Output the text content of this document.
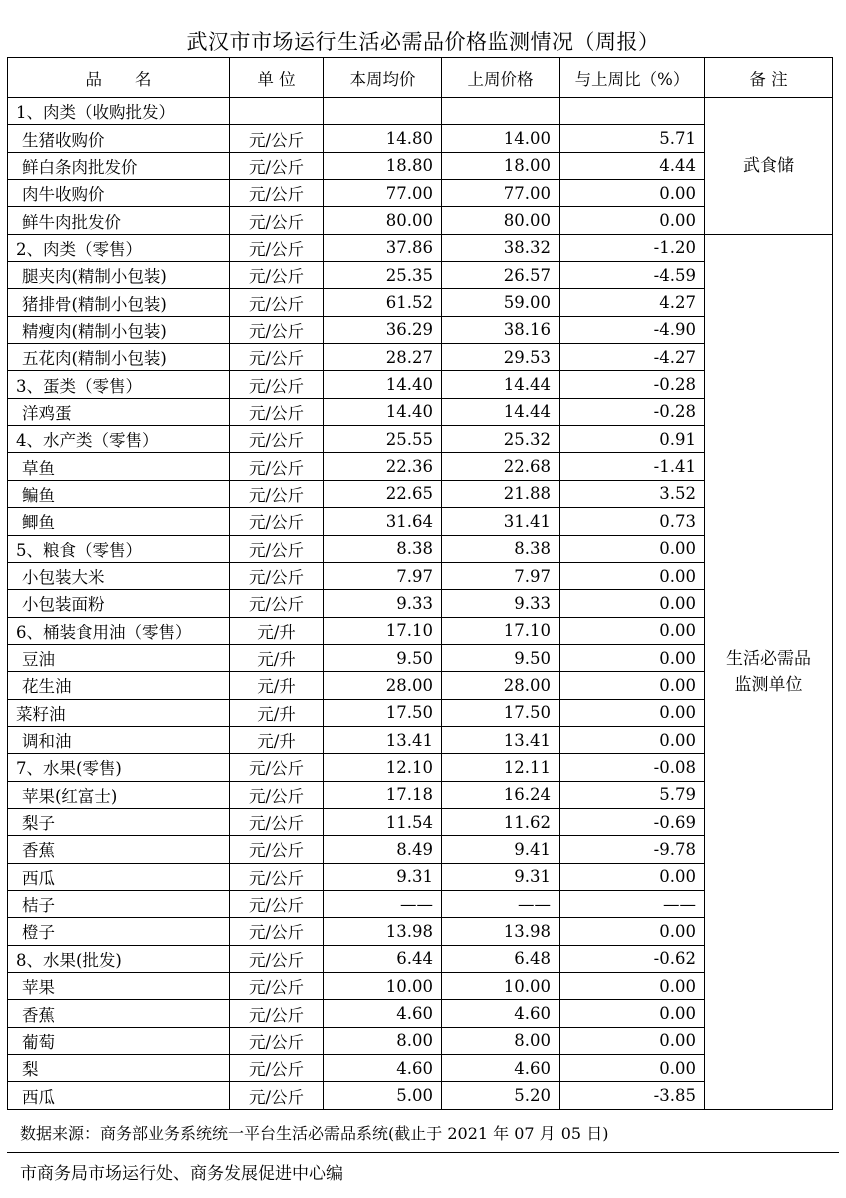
武汉市市场运行生活必需品价格监测情况（周报）
品　　名	单 位	本周均价	上周价格	与上周比（%）	备 注
1、肉类（收购批发）					武食储
生猪收购价	元/公斤	14.80	14.00	5.71	
鲜白条肉批发价	元/公斤	18.80	18.00	4.44	
肉牛收购价	元/公斤	77.00	77.00	0.00	
鲜牛肉批发价	元/公斤	80.00	80.00	0.00	
2、肉类（零售）	元/公斤	37.86	38.32	-1.20	生活必需品
监测单位

腿夹肉(精制小包装)	元/公斤	25.35	26.57	-4.59	
猪排骨(精制小包装)	元/公斤	61.52	59.00	4.27	
精瘦肉(精制小包装)	元/公斤	36.29	38.16	-4.90	
五花肉(精制小包装)	元/公斤	28.27	29.53	-4.27	
3、蛋类（零售）	元/公斤	14.40	14.44	-0.28	
洋鸡蛋	元/公斤	14.40	14.44	-0.28	
4、水产类（零售）	元/公斤	25.55	25.32	0.91	
草鱼	元/公斤	22.36	22.68	-1.41	
鳊鱼	元/公斤	22.65	21.88	3.52	
鲫鱼	元/公斤	31.64	31.41	0.73	
5、粮食（零售）	元/公斤	8.38	8.38	0.00	
小包装大米	元/公斤	7.97	7.97	0.00	
小包装面粉	元/公斤	9.33	9.33	0.00	
6、桶装食用油（零售）	元/升	17.10	17.10	0.00	
豆油	元/升	9.50	9.50	0.00	
花生油	元/升	28.00	28.00	0.00	
菜籽油	元/升	17.50	17.50	0.00	
调和油	元/升	13.41	13.41	0.00	
7、水果(零售)	元/公斤	12.10	12.11	-0.08	
苹果(红富士)	元/公斤	17.18	16.24	5.79	
梨子	元/公斤	11.54	11.62	-0.69	
香蕉	元/公斤	8.49	9.41	-9.78	
西瓜	元/公斤	9.31	9.31	0.00	
桔子	元/公斤	——	——	——	
橙子	元/公斤	13.98	13.98	0.00	
8、水果(批发)	元/公斤	6.44	6.48	-0.62	
苹果	元/公斤	10.00	10.00	0.00	
香蕉	元/公斤	4.60	4.60	0.00	
葡萄	元/公斤	8.00	8.00	0.00	
梨	元/公斤	4.60	4.60	0.00	
西瓜	元/公斤	5.00	5.20	-3.85	
数据来源：商务部业务系统统一平台生活必需品系统(截止于 2021 年 07 月 05 日)
市商务局市场运行处、商务发展促进中心编
